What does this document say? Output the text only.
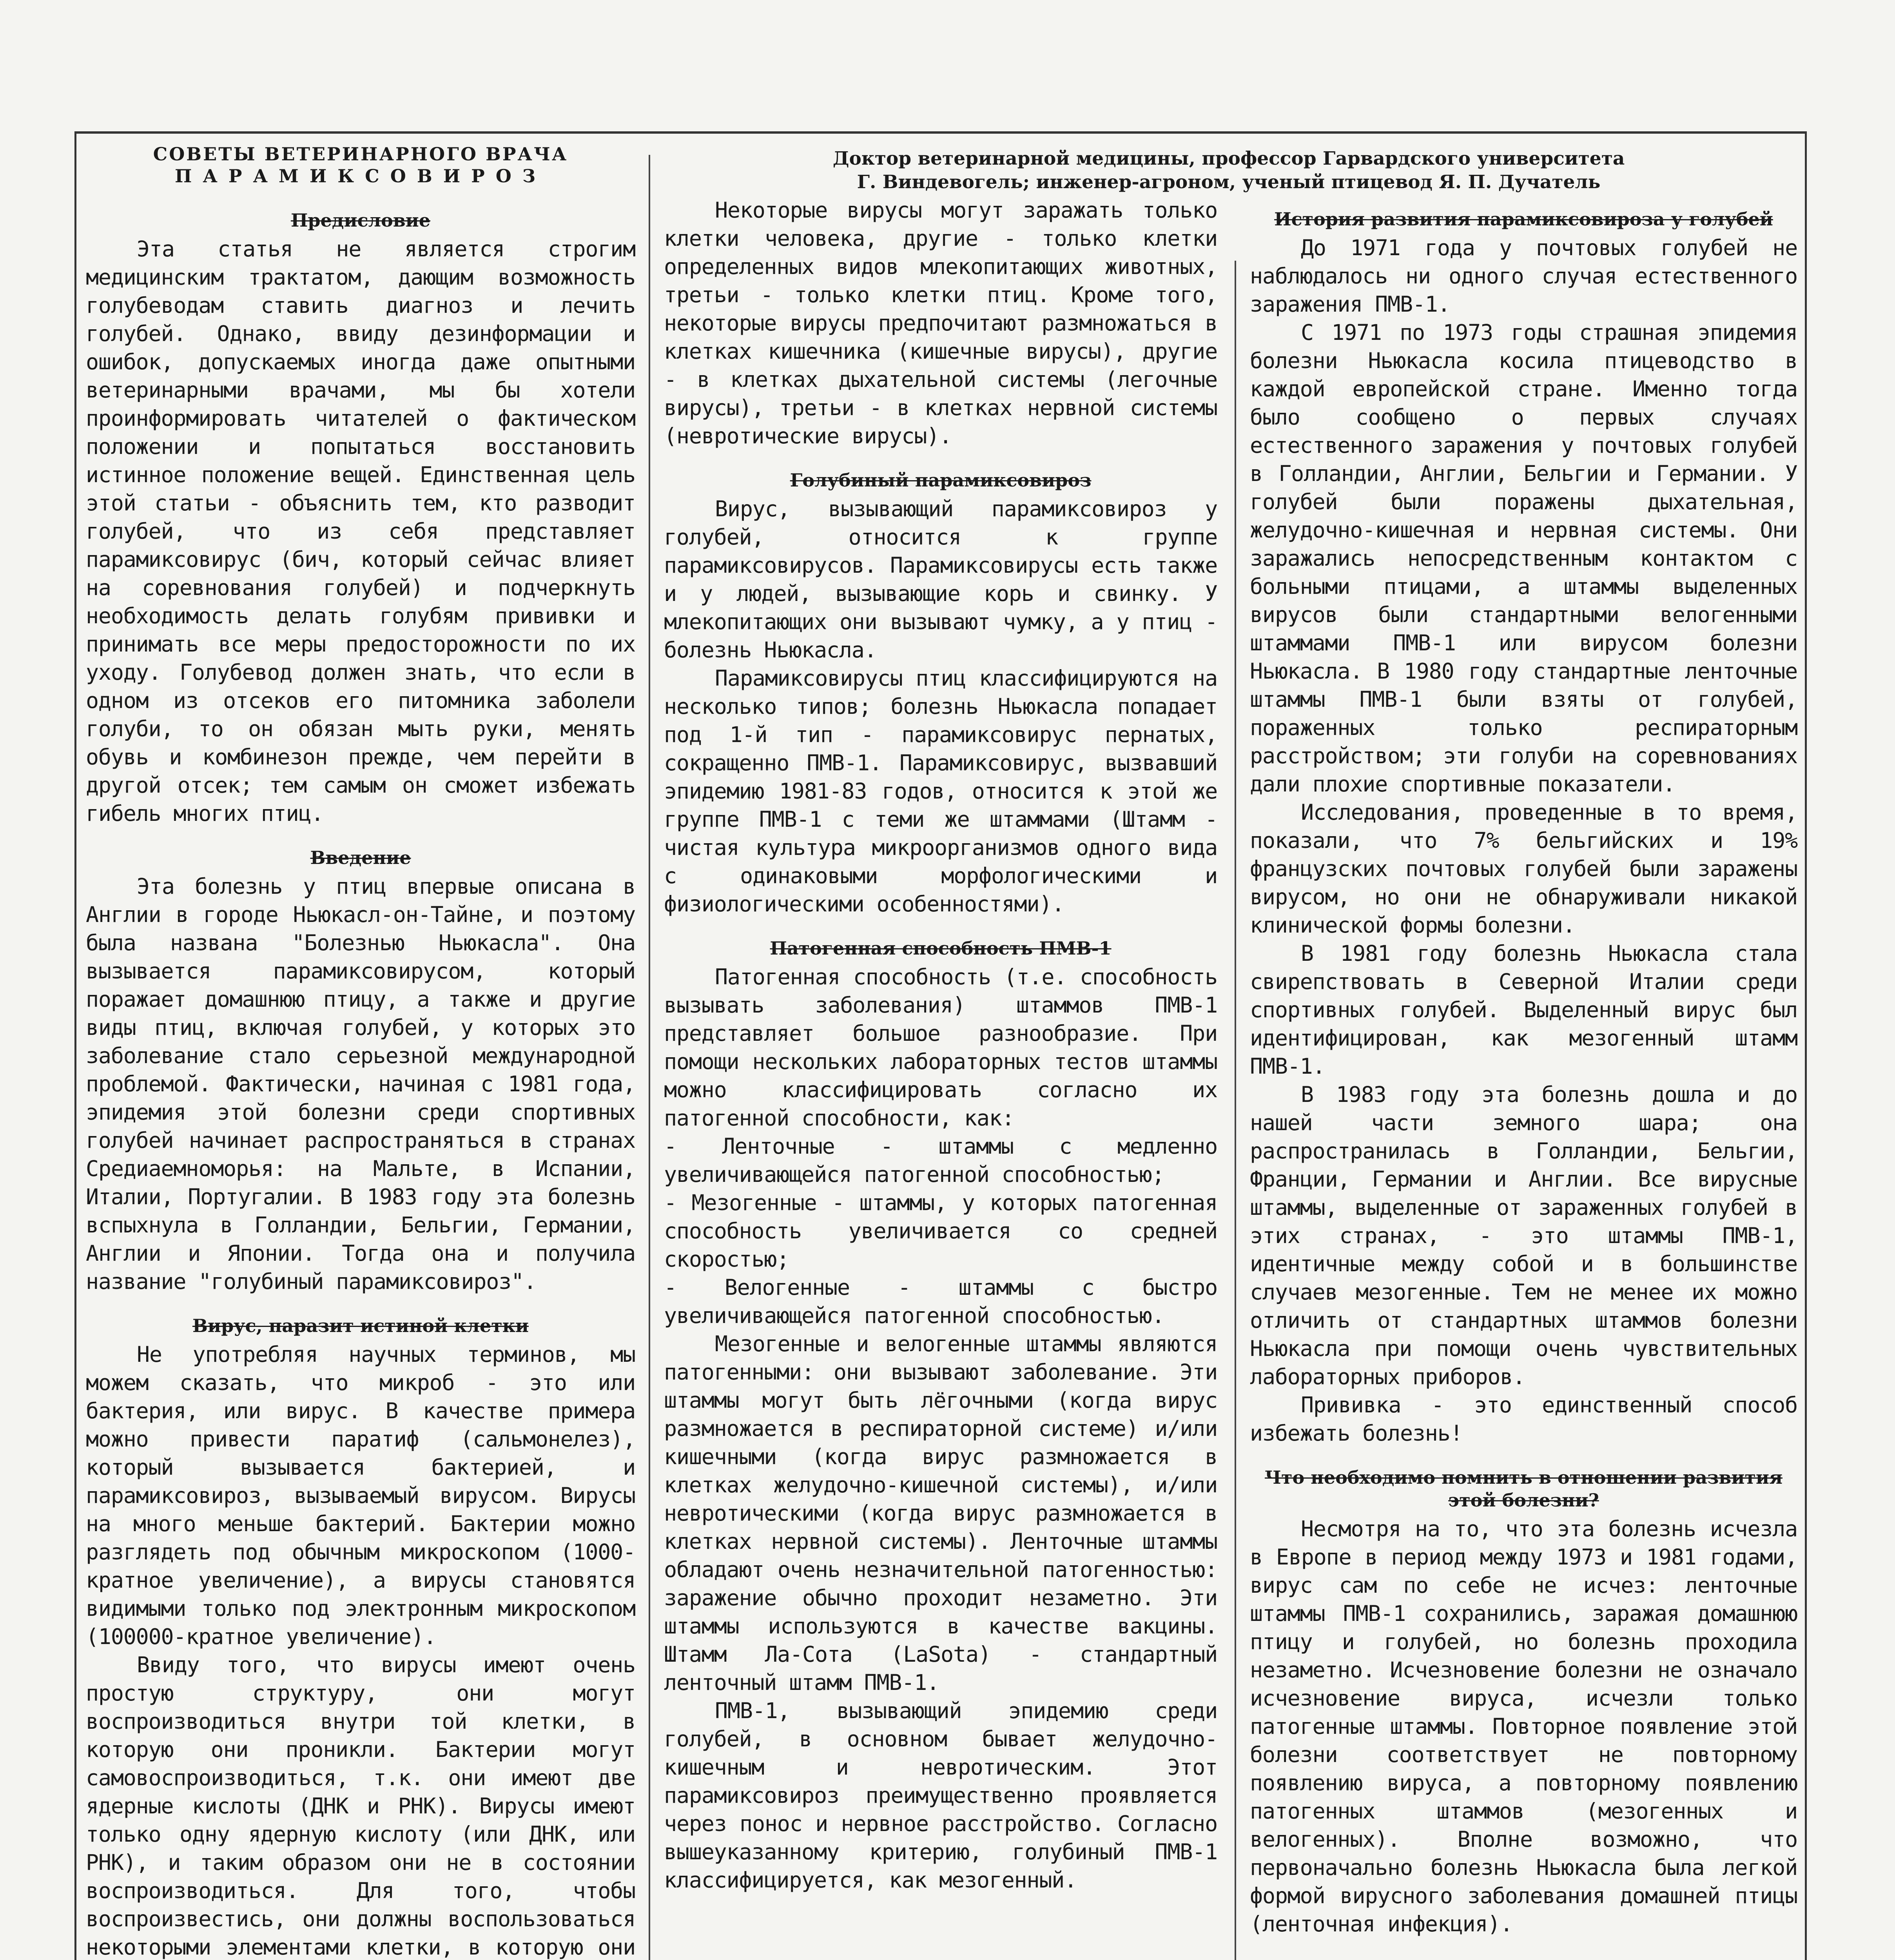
Доктор ветеринарной медицины, профессор Гарвардского университета
Г. Виндевогель; инженер-агроном, ученый птицевод Я. П. Дучатель
СОВЕТЫ ВЕТЕРИНАРНОГО ВРАЧА
ПАРАМИКСОВИРОЗ
Предисловие

Эта статья не является строгим медицинским трактатом, дающим возможность голубеводам ставить диагноз и лечить голубей. Однако, ввиду дезинформации и ошибок, допускаемых иногда даже опытными ветеринарными врачами, мы бы хотели проинформировать читателей о фактическом положении и попытаться восстановить истинное положение вещей. Единственная цель этой статьи - объяснить тем, кто разводит голубей, что из себя представляет парамиксовирус (бич, который сейчас влияет на соревнования голубей) и подчеркнуть необходимость делать голубям прививки и принимать все меры предосторожности по их уходу. Голубевод должен знать, что если в одном из отсеков его питомника заболели голуби, то он обязан мыть руки, менять обувь и комбинезон прежде, чем перейти в другой отсек; тем самым он сможет избежать гибель многих птиц.

Введение

Эта болезнь у птиц впервые описана в Англии в городе Ньюкасл-он-Тайне, и поэтому была названа "Болезнью Ньюкасла". Она вызывается парамиксовирусом, который поражает домашнюю птицу, а также и другие виды птиц, включая голубей, у которых это заболевание стало серьезной международной проблемой. Фактически, начиная с 1981 года, эпидемия этой болезни среди спортивных голубей начинает распространяться в странах Средиаемноморья: на Мальте, в Испании, Италии, Португалии. В 1983 году эта болезнь вспыхнула в Голландии, Бельгии, Германии, Англии и Японии. Тогда она и получила название "голубиный парамиксовироз".

Вирус, паразит истиной клетки

Не употребляя научных терминов, мы можем сказать, что микроб - это или бактерия, или вирус. В качестве примера можно привести паратиф (сальмонелез), который вызывается бактерией, и парамиксовироз, вызываемый вирусом. Вирусы на много меньше бактерий. Бактерии можно разглядеть под обычным микроскопом (1000-кратное увеличение), а вирусы становятся видимыми только под электронным микроскопом (100000-кратное увеличение).

Ввиду того, что вирусы имеют очень простую структуру, они могут воспроизводиться внутри той клетки, в которую они проникли. Бактерии могут самовоспроизводиться, т.к. они имеют две ядерные кислоты (ДНК и РНК). Вирусы имеют только одну ядерную кислоту (или ДНК, или РНК), и таким образом они не в состоянии воспроизводиться. Для того, чтобы воспроизвестись, они должны воспользоваться некоторыми элементами клетки, в которую они

Некоторые вирусы могут заражать только клетки человека, другие - только клетки определенных видов млекопитающих животных, третьи - только клетки птиц. Кроме того, некоторые вирусы предпочитают размножаться в клетках кишечника (кишечные вирусы), другие - в клетках дыхательной системы (легочные вирусы), третьи - в клетках нервной системы (невротические вирусы).

Голубиный парамиксовироз

Вирус, вызывающий парамиксовироз у голубей, относится к группе парамиксовирусов. Парамиксовирусы есть также и у людей, вызывающие корь и свинку. У млекопитающих они вызывают чумку, а у птиц - болезнь Ньюкасла.

Парамиксовирусы птиц классифицируются на несколько типов; болезнь Ньюкасла попадает под 1-й тип - парамиксовирус пернатых, сокращенно ПМВ-1. Парамиксовирус, вызвавший эпидемию 1981-83 годов, относится к этой же группе ПМВ-1 с теми же штаммами (Штамм - чистая культура микроорганизмов одного вида с одинаковыми морфологическими и физиологическими особенностями).

Патогенная способность ПМВ-1

Патогенная способность (т.е. способность вызывать заболевания) штаммов ПМВ-1 представляет большое разнообразие. При помощи нескольких лабораторных тестов штаммы можно классифицировать согласно их патогенной способности, как:

- Ленточные - штаммы с медленно увеличивающейся патогенной способностью;

- Мезогенные - штаммы, у которых патогенная способность увеличивается со средней скоростью;

- Велогенные - штаммы с быстро увеличивающейся патогенной способностью.

Мезогенные и велогенные штаммы являются патогенными: они вызывают заболевание. Эти штаммы могут быть лёгочными (когда вирус размножается в респираторной системе) и/или кишечными (когда вирус размножается в клетках желудочно-кишечной системы), и/или невротическими (когда вирус размножается в клетках нервной системы). Ленточные штаммы обладают очень незначительной патогенностью: заражение обычно проходит незаметно. Эти штаммы используются в качестве вакцины. Штамм Ла-Сота (LaSota) - стандартный ленточный штамм ПМВ-1.

ПМВ-1, вызывающий эпидемию среди голубей, в основном бывает желудочно-кишечным и невротическим. Этот парамиксовироз преимущественно проявляется через понос и нервное расстройство. Согласно вышеуказанному критерию, голубиный ПМВ-1 классифицируется, как мезогенный.

История развития парамиксовироза у голубей

До 1971 года у почтовых голубей не наблюдалось ни одного случая естественного заражения ПМВ-1.

С 1971 по 1973 годы страшная эпидемия болезни Ньюкасла косила птицеводство в каждой европейской стране. Именно тогда было сообщено о первых случаях естественного заражения у почтовых голубей в Голландии, Англии, Бельгии и Германии. У голубей были поражены дыхательная, желудочно-кишечная и нервная системы. Они заражались непосредственным контактом с больными птицами, а штаммы выделенных вирусов были стандартными велогенными штаммами ПМВ-1 или вирусом болезни Ньюкасла. В 1980 году стандартные ленточные штаммы ПМВ-1 были взяты от голубей, пораженных только респираторным расстройством; эти голуби на соревнованиях дали плохие спортивные показатели.

Исследования, проведенные в то время, показали, что 7% бельгийских и 19% французских почтовых голубей были заражены вирусом, но они не обнаруживали никакой клинической формы болезни.

В 1981 году болезнь Ньюкасла стала свирепствовать в Северной Италии среди спортивных голубей. Выделенный вирус был идентифицирован, как мезогенный штамм ПМВ-1.

В 1983 году эта болезнь дошла и до нашей части земного шара; она распространилась в Голландии, Бельгии, Франции, Германии и Англии. Все вирусные штаммы, выделенные от зараженных голубей в этих странах, - это штаммы ПМВ-1, идентичные между собой и в большинстве случаев мезогенные. Тем не менее их можно отличить от стандартных штаммов болезни Ньюкасла при помощи очень чувствительных лабораторных приборов.

Прививка - это единственный способ избежать болезнь!

Что необходимо помнить в отношении развития этой болезни?

Несмотря на то, что эта болезнь исчезла в Европе в период между 1973 и 1981 годами, вирус сам по себе не исчез: ленточные штаммы ПМВ-1 сохранились, заражая домашнюю птицу и голубей, но болезнь проходила незаметно. Исчезновение болезни не означало исчезновение вируса, исчезли только патогенные штаммы. Повторное появление этой болезни соответствует не повторному появлению вируса, а повторному появлению патогенных штаммов (мезогенных и велогенных). Вполне возможно, что первоначально болезнь Ньюкасла была легкой формой вирусного заболевания домашней птицы (ленточная инфекция).
